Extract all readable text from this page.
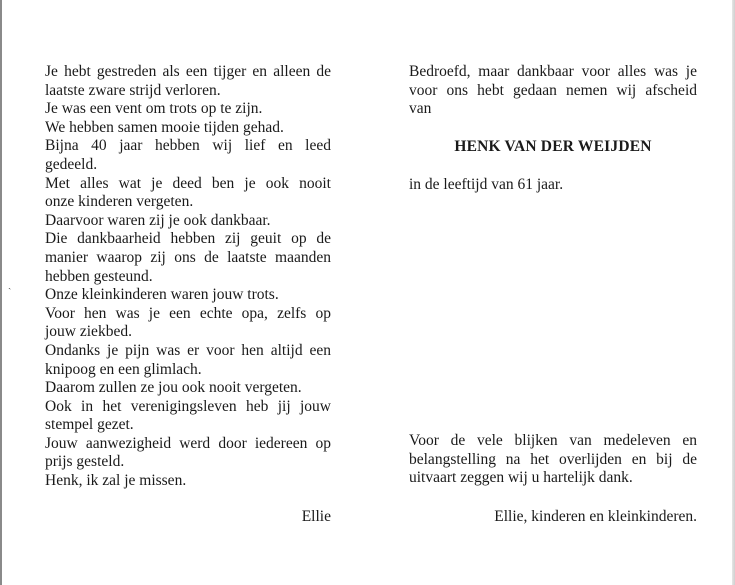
ˏ
Je hebt gestreden als een tijger en alleen de
laatste zware strijd verloren.
Je was een vent om trots op te zijn.
We hebben samen mooie tijden gehad.
Bijna 40 jaar hebben wij lief en leed
gedeeld.
Met alles wat je deed ben je ook nooit
onze kinderen vergeten.
Daarvoor waren zij je ook dankbaar.
Die dankbaarheid hebben zij geuit op de
manier waarop zij ons de laatste maanden
hebben gesteund.
Onze kleinkinderen waren jouw trots.
Voor hen was je een echte opa, zelfs op
jouw ziekbed.
Ondanks je pijn was er voor hen altijd een
knipoog en een glimlach.
Daarom zullen ze jou ook nooit vergeten.
Ook in het verenigingsleven heb jij jouw
stempel gezet.
Jouw aanwezigheid werd door iedereen op
prijs gesteld.
Henk, ik zal je missen.
Ellie
Bedroefd, maar dankbaar voor alles was je
voor ons hebt gedaan nemen wij afscheid
van
HENK VAN DER WEIJDEN
in de leeftijd van 61 jaar.
Voor de vele blijken van medeleven en
belangstelling na het overlijden en bij de
uitvaart zeggen wij u hartelijk dank.
Ellie, kinderen en kleinkinderen.
